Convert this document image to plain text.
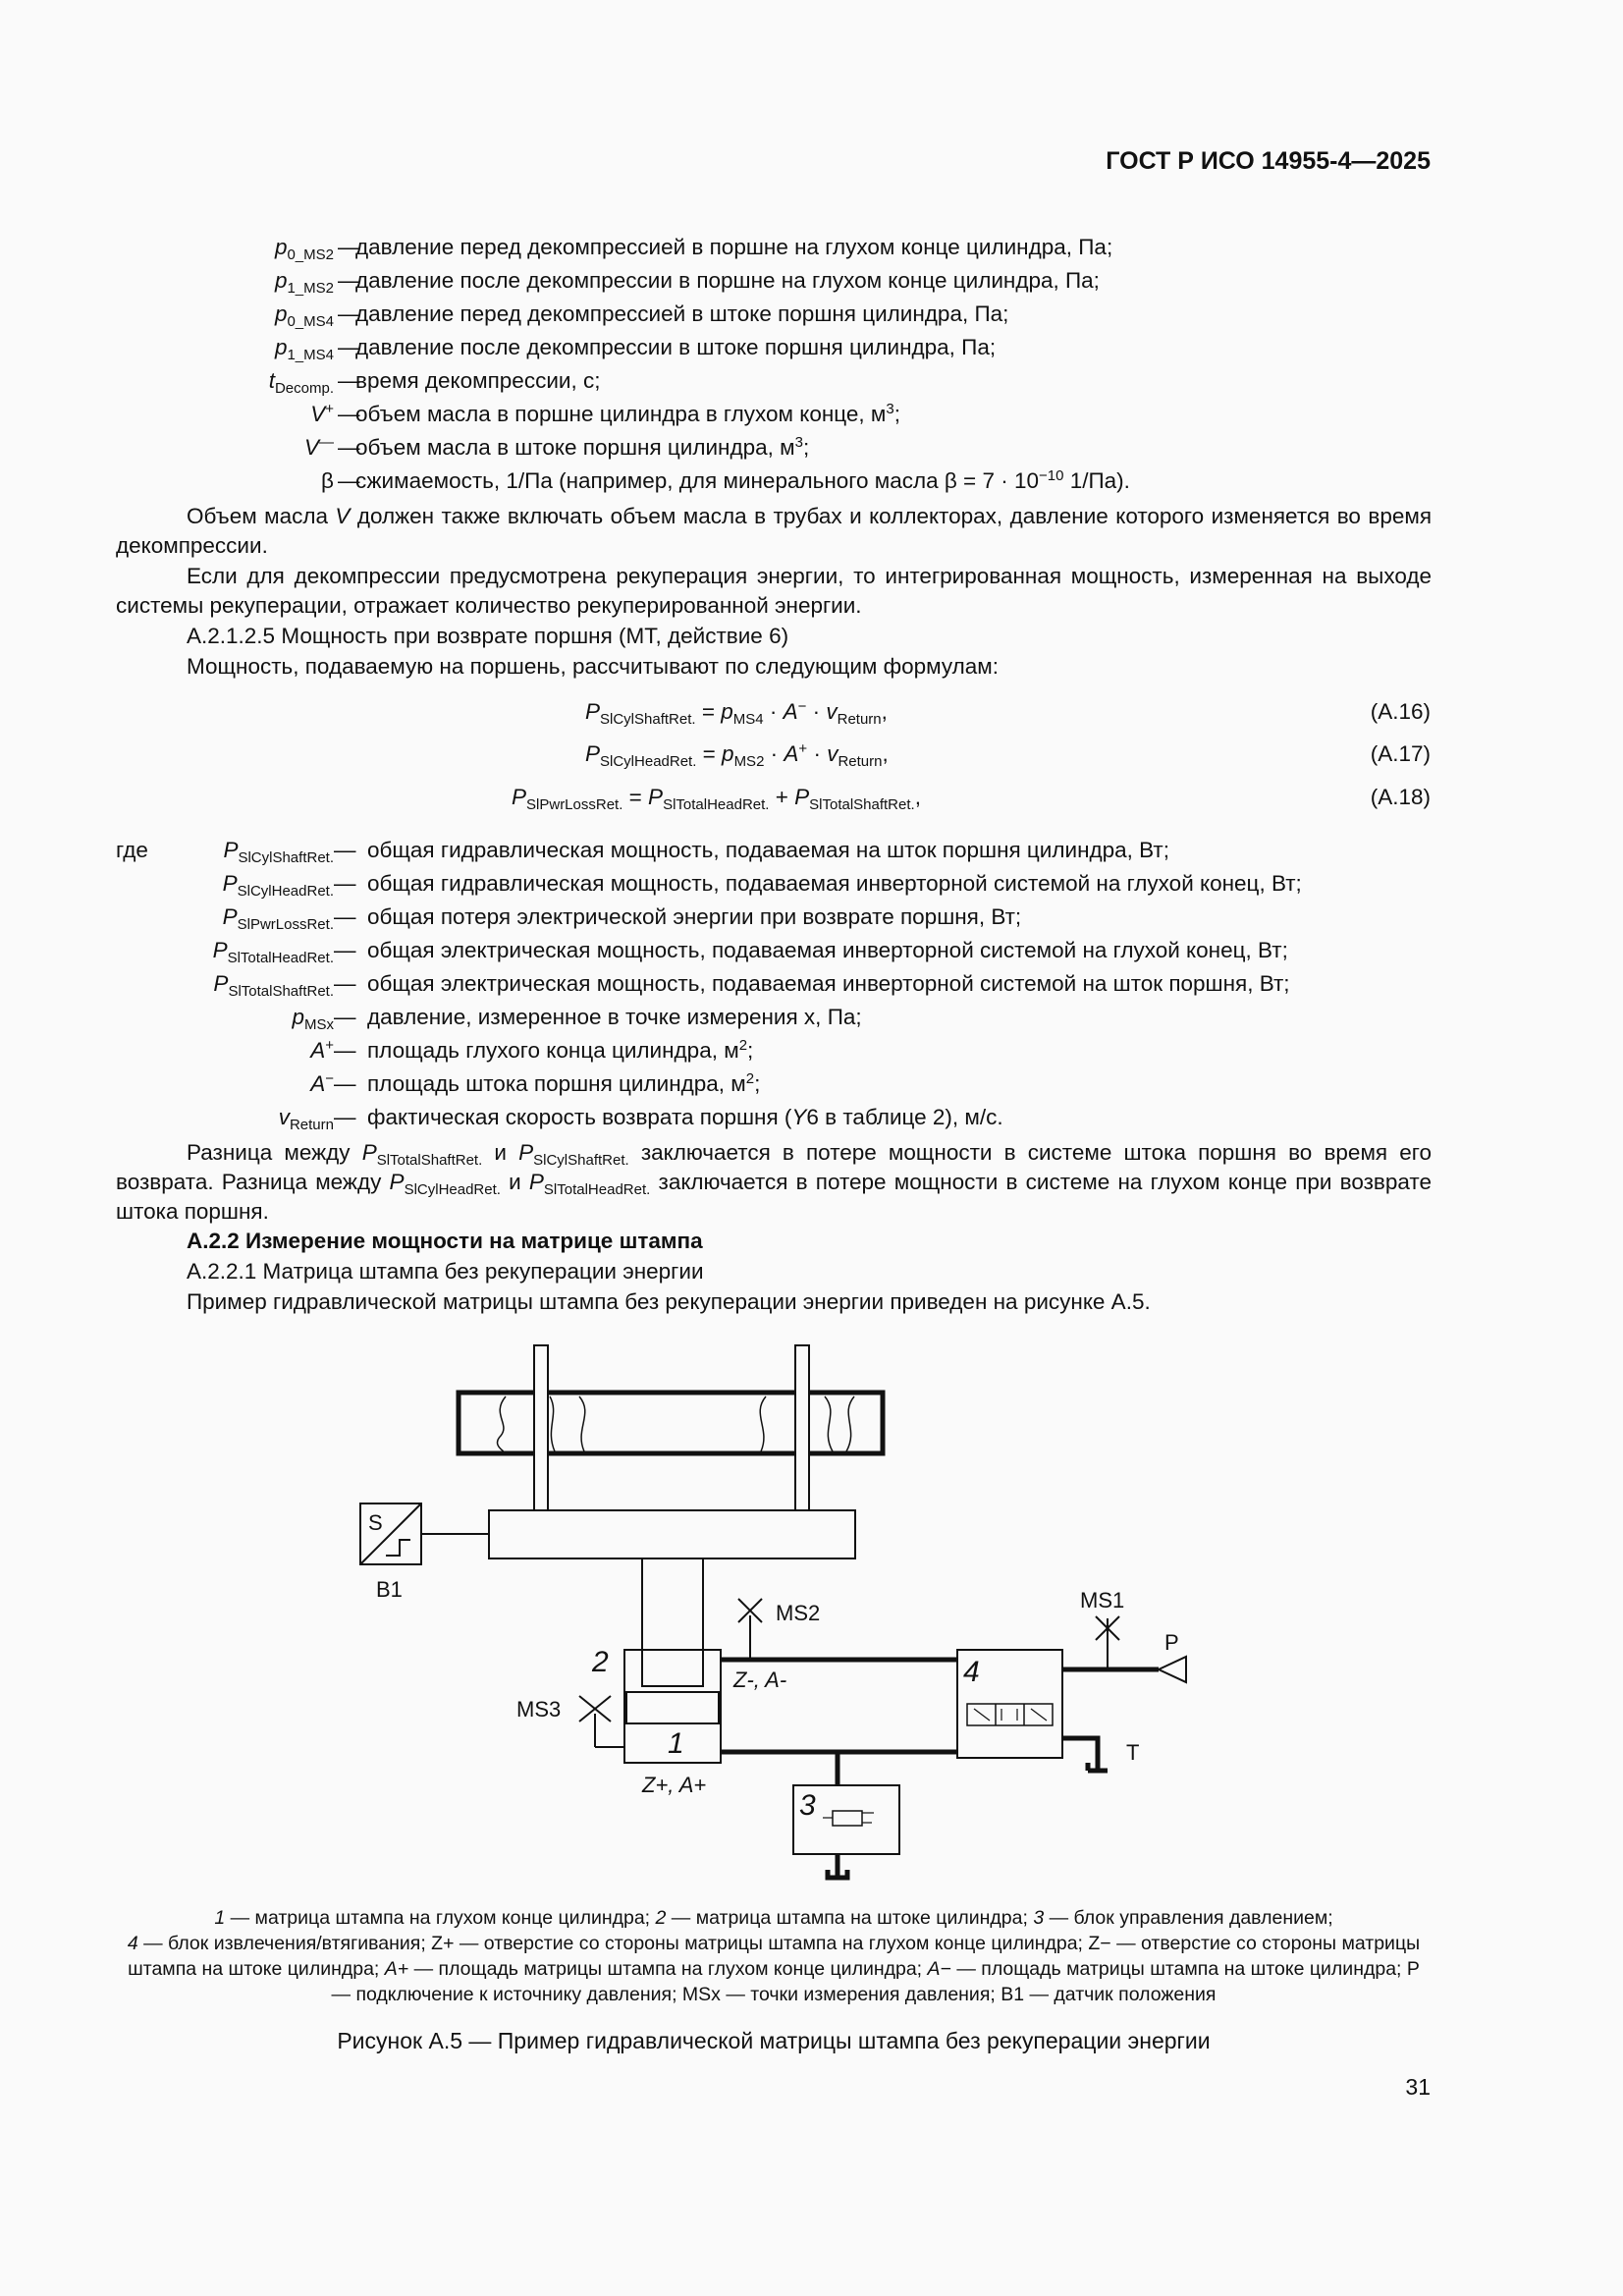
ГОСТ Р ИСО 14955-4—2025
$p_{0\_MS2}$ —
давление перед декомпрессией в поршне на глухом конце цилиндра, Па;
$p_{1\_MS2}$ —
давление после декомпрессии в поршне на глухом конце цилиндра, Па;
$p_{0\_MS4}$ —
давление перед декомпрессией в штоке поршня цилиндра, Па;
$p_{1\_MS4}$ —
давление после декомпрессии в штоке поршня цилиндра, Па;
$t_{Decomp.}$ —
время декомпрессии, с;
V+ —
объем масла в поршне цилиндра в глухом конце, $м^3$;
V— —
объем масла в штоке поршня цилиндра, $м^3$;
β —
сжимаемость, 1/Па (например, для минерального масла $\beta = 7 \cdot 10^{-10}$ 1/Па).
Объем масла V должен также включать объем масла в трубах и коллекторах, давление которого изменяется во время декомпрессии.
Если для декомпрессии предусмотрена рекуперация энергии, то интегрированная мощность, измеренная на выходе системы рекуперации, отражает количество рекуперированной энергии.
А.2.1.2.5 Мощность при возврате поршня (МТ, действие 6)
Мощность, подаваемую на поршень, рассчитывают по следующим формулам:
$P_{SlCylShaftRet.} = p_{MS4} \cdot A^- \cdot v_{Return}$,	(A.16)
$P_{SlCylHeadRet.} = p_{MS2} \cdot A^+ \cdot v_{Return}$,	(A.17)
$P_{SlPwrLossRet.} = P_{SlTotalHeadRet.} + P_{SlTotalShaftRet.}$,	(A.18)
где	$P_{SlCylShaftRet.}$ — общая гидравлическая мощность, подаваемая на шток поршня цилиндра, Вт;
$P_{SlCylHeadRet.}$ — общая гидравлическая мощность, подаваемая инверторной системой на глухой конец, Вт;
$P_{SlPwrLossRet.}$ — общая потеря электрической энергии при возврате поршня, Вт;
$P_{SlTotalHeadRet.}$ — общая электрическая мощность, подаваемая инверторной системой на глухой конец, Вт;
$P_{SlTotalShaftRet.}$ — общая электрическая мощность, подаваемая инверторной системой на шток поршня, Вт;
$p_{MSx}$ — давление, измеренное в точке измерения x, Па;
A+ — площадь глухого конца цилиндра, $м^2$;
A− — площадь штока поршня цилиндра, $м^2$;
$v_{Return}$ — фактическая скорость возврата поршня (Y6 в таблице 2), м/с.
Разница между $P_{SlTotalShaftRet.}$ и $P_{SlCylShaftRet.}$ заключается в потере мощности в системе штока поршня во время его возврата. Разница между $P_{SlCylHeadRet.}$ и $P_{SlTotalHeadRet.}$ заключается в потере мощности в системе на глухом конце при возврате штока поршня.
А.2.2 Измерение мощности на матрице штампа
А.2.2.1 Матрица штампа без рекуперации энергии
Пример гидравлической матрицы штампа без рекуперации энергии приведен на рисунке А.5.
S
B1
MS2
MS1
MS3
P
T
Z-, A-
Z+, A+
1
2
3
4
1 — матрица штампа на глухом конце цилиндра; 2 — матрица штампа на штоке цилиндра; 3 — блок управления давлением;
4 — блок извлечения/втягивания; Z+ — отверстие со стороны матрицы штампа на глухом конце цилиндра; Z− — отверстие со стороны матрицы штампа на штоке цилиндра; A+ — площадь матрицы штампа на глухом конце цилиндра; A− — площадь матрицы штампа на штоке цилиндра; P — подключение к источнику давления; MSx — точки измерения давления; B1 — датчик положения
Рисунок А.5 — Пример гидравлической матрицы штампа без рекуперации энергии
31
